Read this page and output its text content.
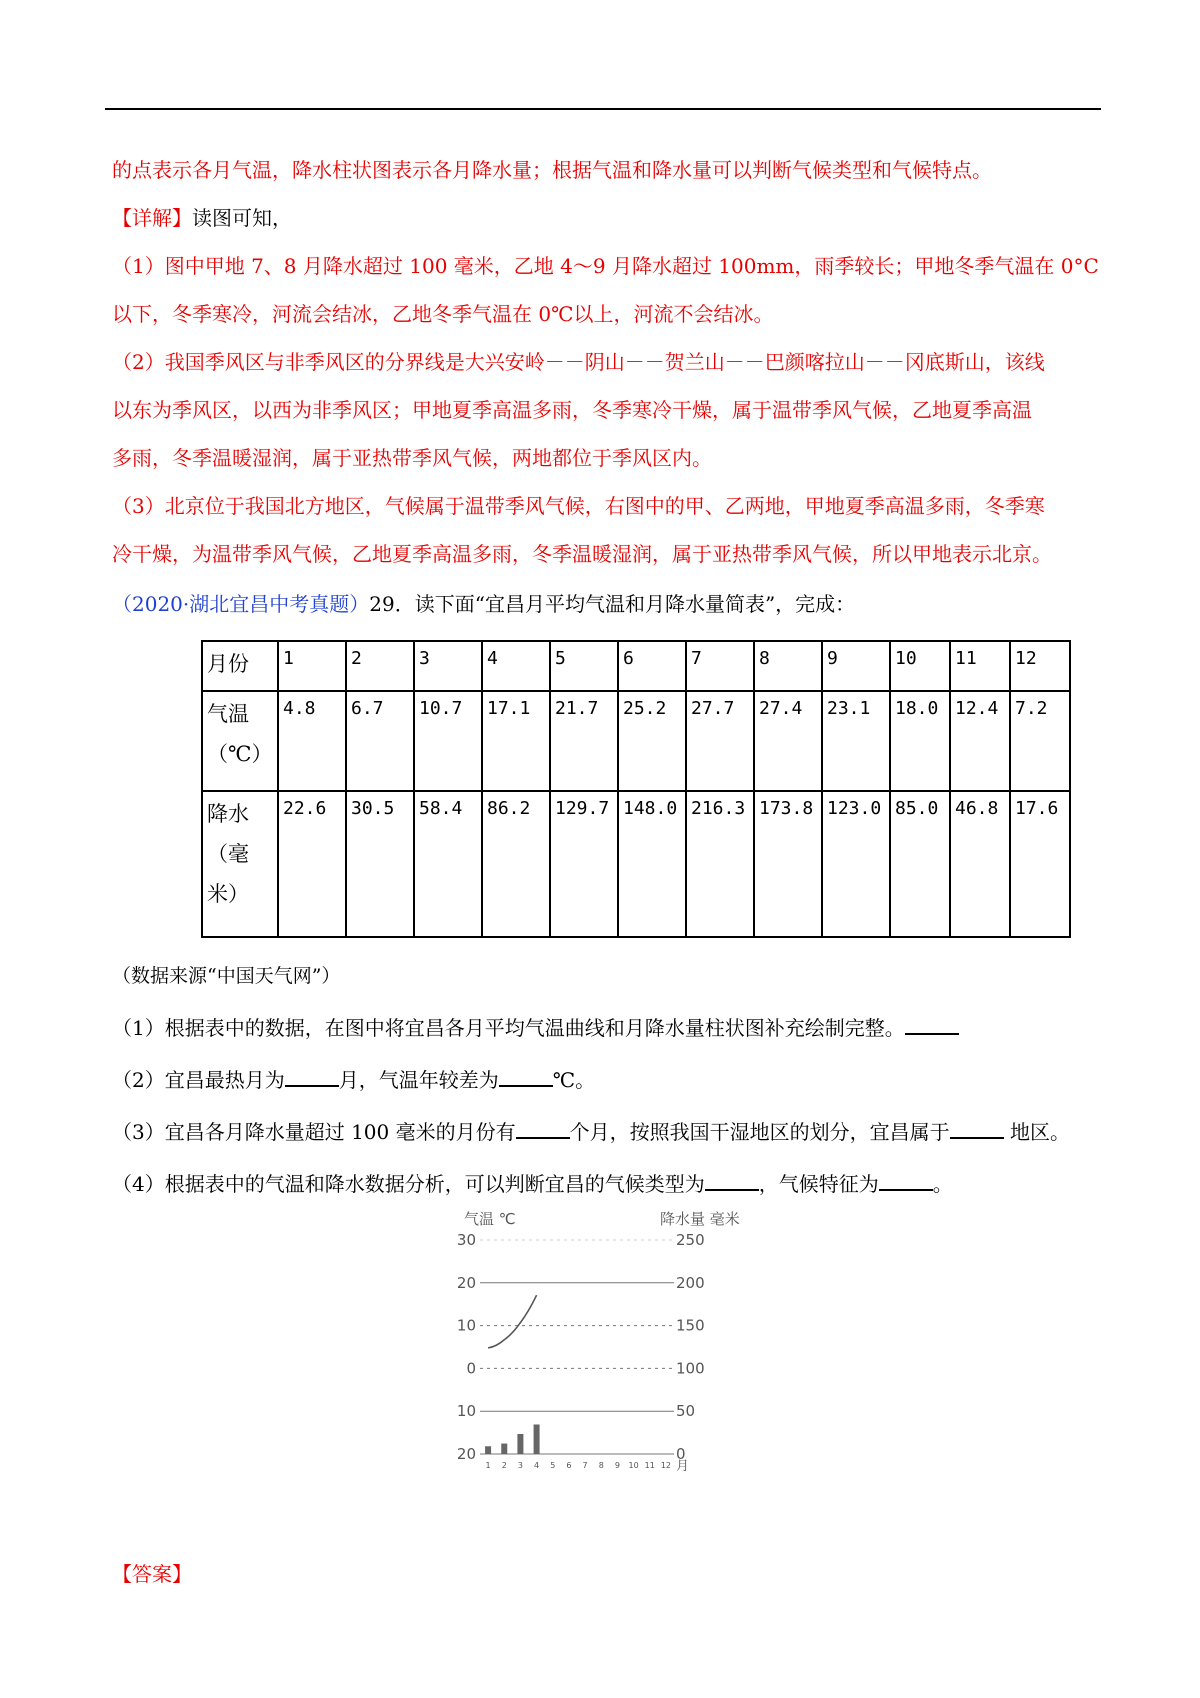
的点表示各月气温，降水柱状图表示各月降水量；根据气温和降水量可以判断气候类型和气候特点。
【详解】读图可知，
（1）图中甲地 7、8 月降水超过 100 毫米，乙地 4～9 月降水超过 100mm，雨季较长；甲地冬季气温在 0°C
以下，冬季寒冷，河流会结冰，乙地冬季气温在 0℃以上，河流不会结冰。
（2）我国季风区与非季风区的分界线是大兴安岭－－阴山－－贺兰山－－巴颜喀拉山－－冈底斯山，该线
以东为季风区，以西为非季风区；甲地夏季高温多雨，冬季寒冷干燥，属于温带季风气候，乙地夏季高温
多雨，冬季温暖湿润，属于亚热带季风气候，两地都位于季风区内。
（3）北京位于我国北方地区，气候属于温带季风气候，右图中的甲、乙两地，甲地夏季高温多雨，冬季寒
冷干燥，为温带季风气候，乙地夏季高温多雨，冬季温暖湿润，属于亚热带季风气候，所以甲地表示北京。
（2020·湖北宜昌中考真题）29．读下面“宜昌月平均气温和月降水量简表”，完成：
月份	1	2	3	4	5	6	7	8	9	10	11	12

气温
（℃）	4.8	6.7	10.7	17.1	21.7	25.2	27.7	27.4	23.1	18.0	12.4	7.2

降水
（毫
米）	22.6	30.5	58.4	86.2	129.7	148.0	216.3	173.8	123.0	85.0	46.8	17.6
（数据来源“中国天气网”）
（1）根据表中的数据，在图中将宜昌各月平均气温曲线和月降水量柱状图补充绘制完整。
（2）宜昌最热月为	月，气温年较差为	℃。
（3）宜昌各月降水量超过 100 毫米的月份有	个月，按照我国干湿地区的划分，宜昌属于	地区。
（4）根据表中的气温和降水数据分析，可以判断宜昌的气候类型为	，气候特征为	。
气温 ℃	降水量 毫米
30
20
10
0
10
20
250
200
150
100
50
0
1 2 3 4 5 6 7 8 9 10 11 12 月
【答案】
